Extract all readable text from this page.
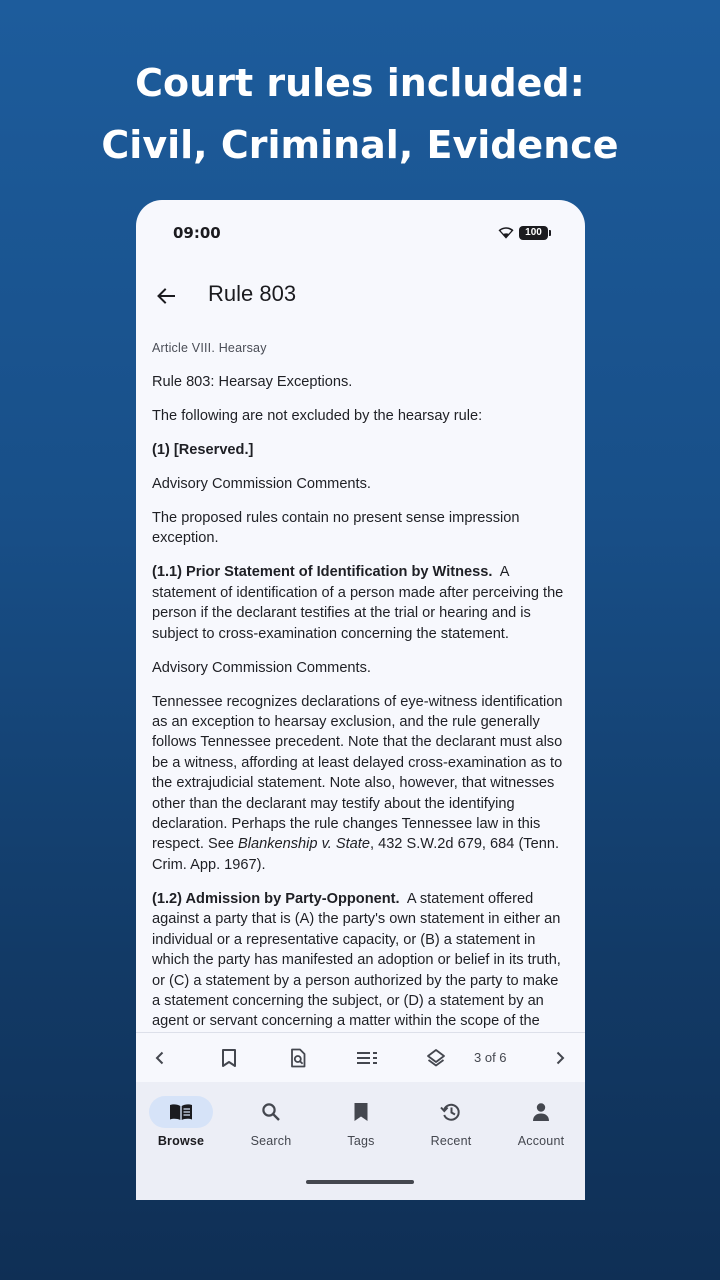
Court rules included:
Civil, Criminal, Evidence
09:00	100
Rule 803
Article VIII. Hearsay

Rule 803: Hearsay Exceptions.

The following are not excluded by the hearsay rule:

(1) [Reserved.]

Advisory Commission Comments.

The proposed rules contain no present sense impression exception.

(1.1) Prior Statement of Identification by Witness. A statement of identification of a person made after perceiving the person if the declarant testifies at the trial or hearing and is subject to cross-examination concerning the statement.

Advisory Commission Comments.

Tennessee recognizes declarations of eye-witness identification as an exception to hearsay exclusion, and the rule generally follows Tennessee precedent. Note that the declarant must also be a witness, affording at least delayed cross-examination as to the extrajudicial statement. Note also, however, that witnesses other than the declarant may testify about the identifying declaration. Perhaps the rule changes Tennessee law in this respect. See Blankenship v. State, 432 S.W.2d 679, 684 (Tenn. Crim. App. 1967).

(1.2) Admission by Party-Opponent. A statement offered against a party that is (A) the party's own statement in either an individual or a representative capacity, or (B) a statement in which the party has manifested an adoption or belief in its truth, or (C) a statement by a person authorized by the party to make a statement concerning the subject, or (D) a statement by an agent or servant concerning a matter within the scope of the

3 of 6
Browse	Search	Tags	Recent	Account
